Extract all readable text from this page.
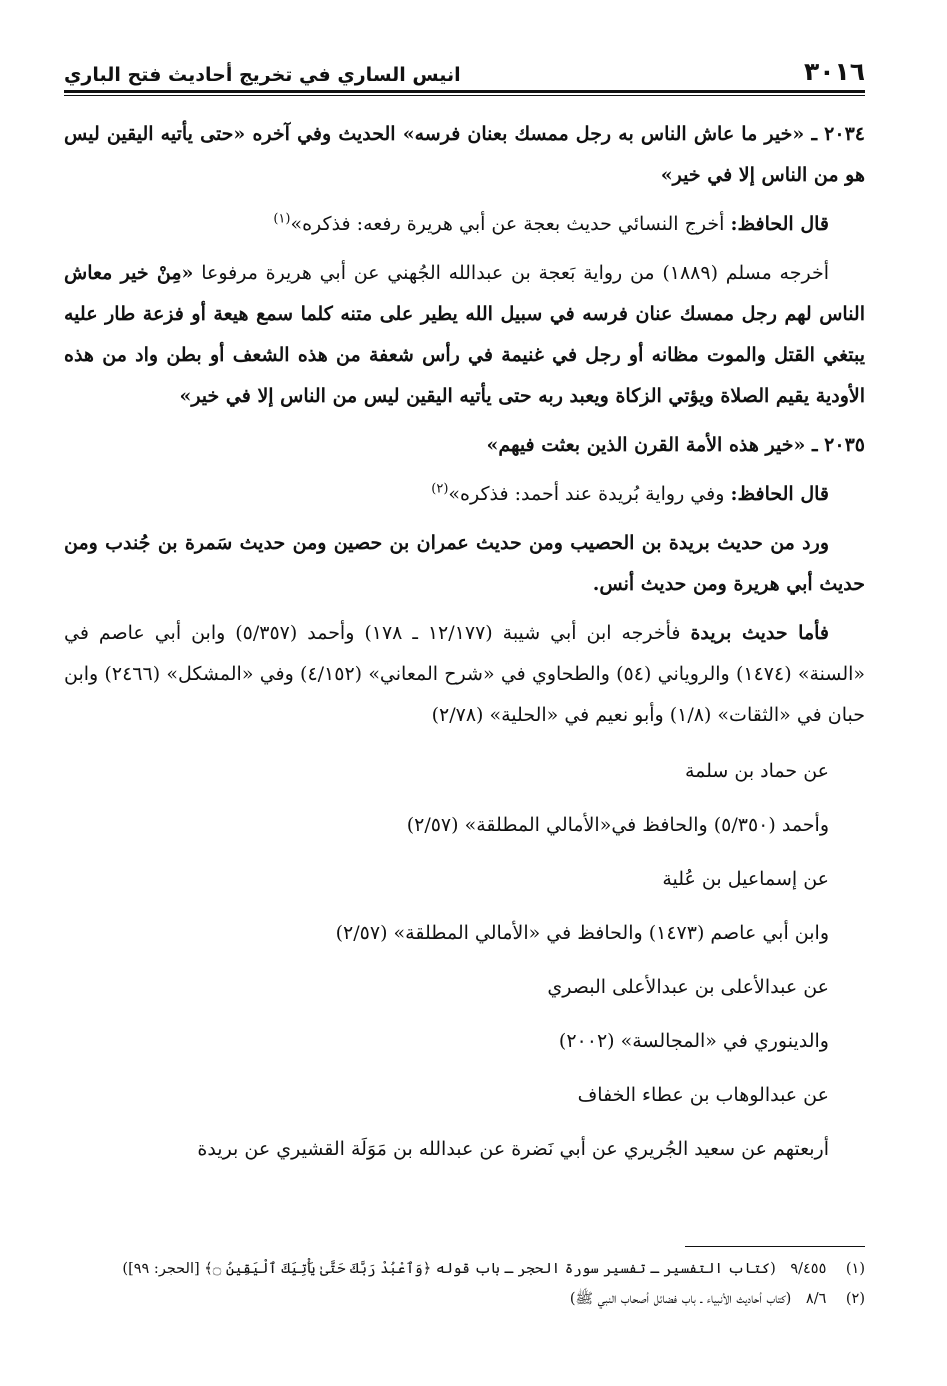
٣٠١٦
انيس الساري في تخريج أحاديث فتح الباري

٢٠٣٤ ـ «خير ما عاش الناس به رجل ممسك بعنان فرسه» الحديث وفي آخره «حتى يأتيه اليقين ليس هو من الناس إلا في خير»

قال الحافظ: أخرج النسائي حديث بعجة عن أبي هريرة رفعه: فذكره»$^{(١)}$

أخرجه مسلم (١٨٨٩) من رواية بَعجة بن عبدالله الجُهني عن أبي هريرة مرفوعا «مِنْ خير معاش الناس لهم رجل ممسك عنان فرسه في سبيل الله يطير على متنه كلما سمع هيعة أو فزعة طار عليه يبتغي القتل والموت مظانه أو رجل في غنيمة في رأس شعفة من هذه الشعف أو بطن واد من هذه الأودية يقيم الصلاة ويؤتي الزكاة ويعبد ربه حتى يأتيه اليقين ليس من الناس إلا في خير»

٢٠٣٥ ـ «خير هذه الأمة القرن الذين بعثت فيهم»

قال الحافظ: وفي رواية بُريدة عند أحمد: فذكره»$^{(٢)}$

ورد من حديث بريدة بن الحصيب ومن حديث عمران بن حصين ومن حديث سَمرة بن جُندب ومن حديث أبي هريرة ومن حديث أنس.

فأما حديث بريدة فأخرجه ابن أبي شيبة (١٢/١٧٧ ـ ١٧٨) وأحمد (٥/٣٥٧) وابن أبي عاصم في «السنة» (١٤٧٤) والروياني (٥٤) والطحاوي في «شرح المعاني» (٤/١٥٢) وفي «المشكل» (٢٤٦٦) وابن حبان في «الثقات» (١/٨) وأبو نعيم في «الحلية» (٢/٧٨)

عن حماد بن سلمة

وأحمد (٥/٣٥٠) والحافظ في«الأمالي المطلقة» (٢/٥٧)

عن إسماعيل بن عُلية

وابن أبي عاصم (١٤٧٣) والحافظ في «الأمالي المطلقة» (٢/٥٧)

عن عبدالأعلى بن عبدالأعلى البصري

والدينوري في «المجالسة» (٢٠٠٢)

عن عبدالوهاب بن عطاء الخفاف

أربعتهم عن سعيد الجُريري عن أبي نَضرة عن عبدالله بن مَوَلَة القشيري عن بريدة

(١) ٩/٤٥٥ (كتاب التفسير ـ تفسير سورة الحجر ـ باب قوله ﴿وَٱعْبُدْ رَبَّكَ حَتَّىٰ يَأْتِيَكَ ٱلْيَقِينُ ۝﴾ [الحجر: ٩٩])
(٢) ٨/٦ (كتاب أحاديث الأنبياء ـ باب فضائل أصحاب النبي ﷺ)
